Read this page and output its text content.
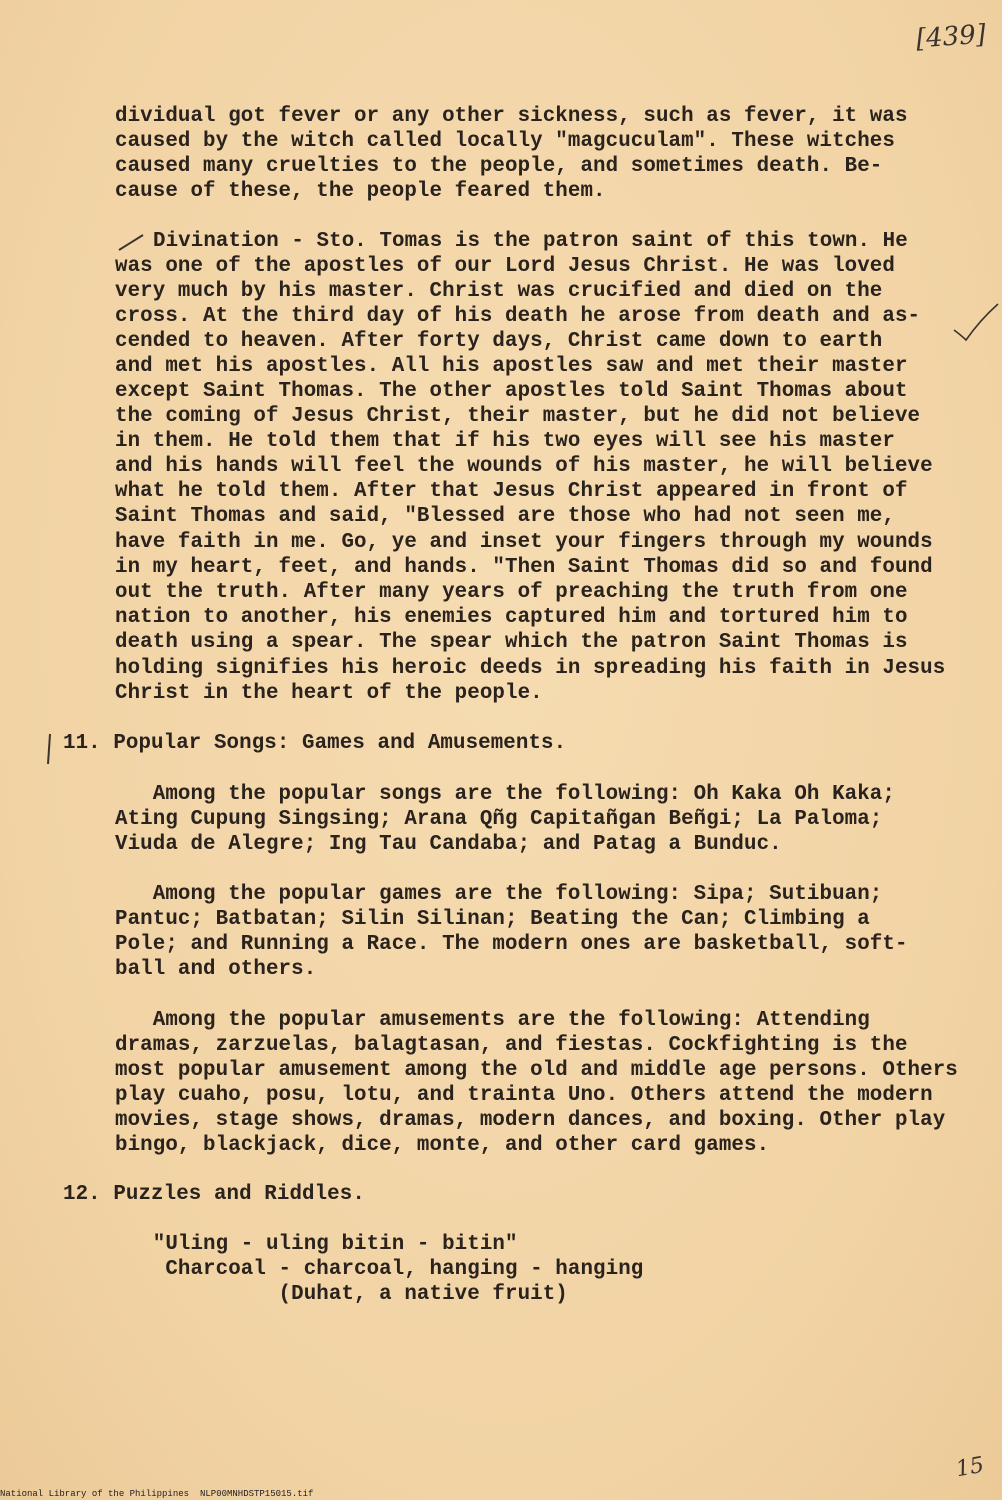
[439]
dividual got fever or any other sickness, such as fever, it was
caused by the witch called locally "magcuculam". These witches
caused many cruelties to the people, and sometimes death. Be-
cause of these, the people feared them.
Divination - Sto. Tomas is the patron saint of this town. He
was one of the apostles of our Lord Jesus Christ. He was loved
very much by his master. Christ was crucified and died on the
cross. At the third day of his death he arose from death and as-
cended to heaven. After forty days, Christ came down to earth
and met his apostles. All his apostles saw and met their master
except Saint Thomas. The other apostles told Saint Thomas about
the coming of Jesus Christ, their master, but he did not believe
in them. He told them that if his two eyes will see his master
and his hands will feel the wounds of his master, he will believe
what he told them. After that Jesus Christ appeared in front of
Saint Thomas and said, "Blessed are those who had not seen me,
have faith in me. Go, ye and inset your fingers through my wounds
in my heart, feet, and hands. "Then Saint Thomas did so and found
out the truth. After many years of preaching the truth from one
nation to another, his enemies captured him and tortured him to
death using a spear. The spear which the patron Saint Thomas is
holding signifies his heroic deeds in spreading his faith in Jesus
Christ in the heart of the people.
11. Popular Songs: Games and Amusements.
Among the popular songs are the following: Oh Kaka Oh Kaka;
Ating Cupung Singsing; Arana Qñg Capitañgan Beñgi; La Paloma;
Viuda de Alegre; Ing Tau Candaba; and Patag a Bunduc.
Among the popular games are the following: Sipa; Sutibuan;
Pantuc; Batbatan; Silin Silinan; Beating the Can; Climbing a
Pole; and Running a Race. The modern ones are basketball, soft-
ball and others.
Among the popular amusements are the following: Attending
dramas, zarzuelas, balagtasan, and fiestas. Cockfighting is the
most popular amusement among the old and middle age persons. Others
play cuaho, posu, lotu, and trainta Uno. Others attend the modern
movies, stage shows, dramas, modern dances, and boxing. Other play
bingo, blackjack, dice, monte, and other card games.
12. Puzzles and Riddles.
"Uling - uling bitin - bitin"
Charcoal - charcoal, hanging - hanging
(Duhat, a native fruit)
15
National Library of the Philippines NLP00MNHDSTP15015.tif
